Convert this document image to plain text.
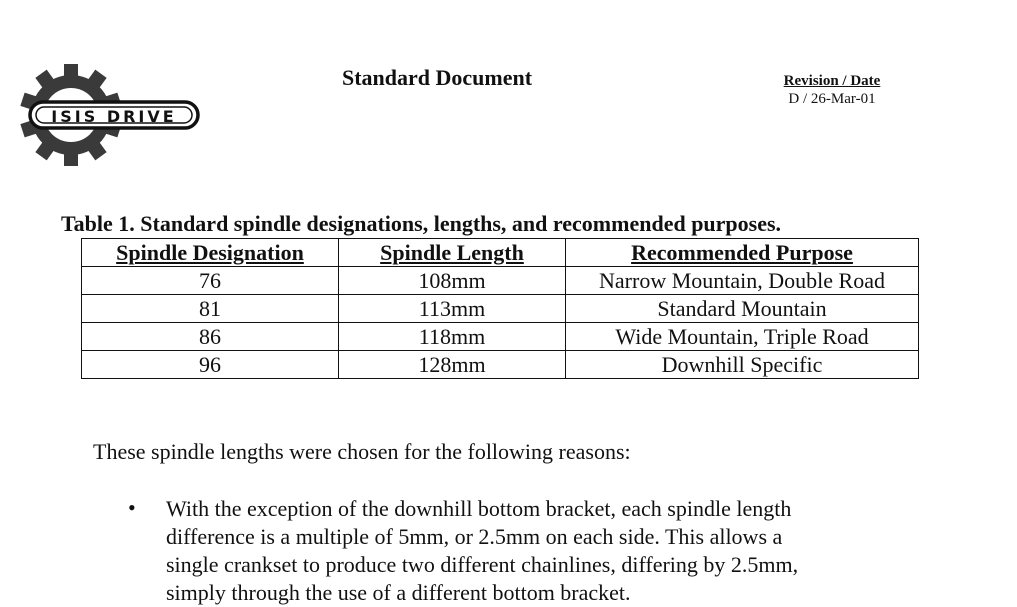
ISIS DRIVE
Standard Document	Revision / Date
D / 26-Mar-01
Table 1. Standard spindle designations, lengths, and recommended purposes.
Spindle Designation	Spindle Length	Recommended Purpose
76	108mm	Narrow Mountain, Double Road
81	113mm	Standard Mountain
86	118mm	Wide Mountain, Triple Road
96	128mm	Downhill Specific
These spindle lengths were chosen for the following reasons:
• With the exception of the downhill bottom bracket, each spindle length
difference is a multiple of 5mm, or 2.5mm on each side. This allows a
single crankset to produce two different chainlines, differing by 2.5mm,
simply through the use of a different bottom bracket.
